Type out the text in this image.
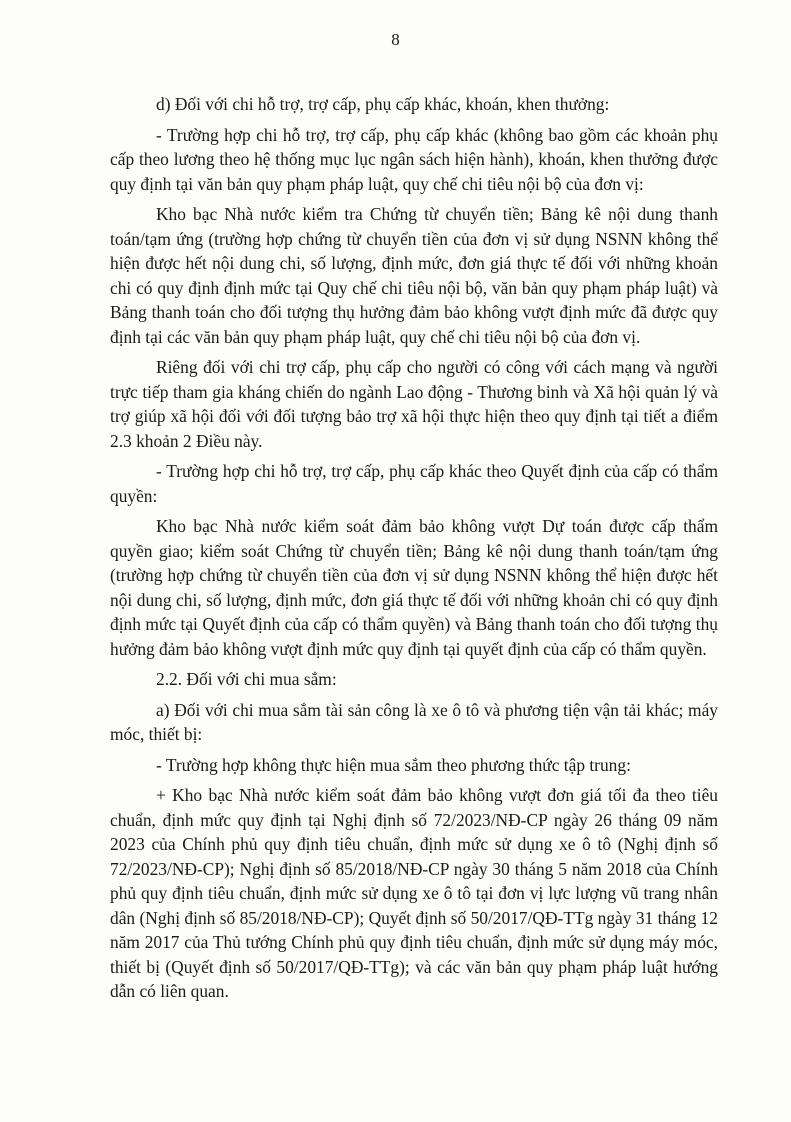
8

d) Đối với chi hỗ trợ, trợ cấp, phụ cấp khác, khoán, khen thưởng:

- Trường hợp chi hỗ trợ, trợ cấp, phụ cấp khác (không bao gồm các khoản phụ cấp theo lương theo hệ thống mục lục ngân sách hiện hành), khoán, khen thưởng được quy định tại văn bản quy phạm pháp luật, quy chế chi tiêu nội bộ của đơn vị:

Kho bạc Nhà nước kiểm tra Chứng từ chuyển tiền; Bảng kê nội dung thanh toán/tạm ứng (trường hợp chứng từ chuyển tiền của đơn vị sử dụng NSNN không thể hiện được hết nội dung chi, số lượng, định mức, đơn giá thực tế đối với những khoản chi có quy định định mức tại Quy chế chi tiêu nội bộ, văn bản quy phạm pháp luật) và Bảng thanh toán cho đối tượng thụ hưởng đảm bảo không vượt định mức đã được quy định tại các văn bản quy phạm pháp luật, quy chế chi tiêu nội bộ của đơn vị.

Riêng đối với chi trợ cấp, phụ cấp cho người có công với cách mạng và người trực tiếp tham gia kháng chiến do ngành Lao động - Thương binh và Xã hội quản lý và trợ giúp xã hội đối với đối tượng bảo trợ xã hội thực hiện theo quy định tại tiết a điểm 2.3 khoản 2 Điều này.

- Trường hợp chi hỗ trợ, trợ cấp, phụ cấp khác theo Quyết định của cấp có thẩm quyền:

Kho bạc Nhà nước kiểm soát đảm bảo không vượt Dự toán được cấp thẩm quyền giao; kiểm soát Chứng từ chuyển tiền; Bảng kê nội dung thanh toán/tạm ứng (trường hợp chứng từ chuyển tiền của đơn vị sử dụng NSNN không thể hiện được hết nội dung chi, số lượng, định mức, đơn giá thực tế đối với những khoản chi có quy định định mức tại Quyết định của cấp có thẩm quyền) và Bảng thanh toán cho đối tượng thụ hưởng đảm bảo không vượt định mức quy định tại quyết định của cấp có thẩm quyền.

2.2. Đối với chi mua sắm:

a) Đối với chi mua sắm tài sản công là xe ô tô và phương tiện vận tải khác; máy móc, thiết bị:

- Trường hợp không thực hiện mua sắm theo phương thức tập trung:

+ Kho bạc Nhà nước kiểm soát đảm bảo không vượt đơn giá tối đa theo tiêu chuẩn, định mức quy định tại Nghị định số 72/2023/NĐ-CP ngày 26 tháng 09 năm 2023 của Chính phủ quy định tiêu chuẩn, định mức sử dụng xe ô tô (Nghị định số 72/2023/NĐ-CP); Nghị định số 85/2018/NĐ-CP ngày 30 tháng 5 năm 2018 của Chính phủ quy định tiêu chuẩn, định mức sử dụng xe ô tô tại đơn vị lực lượng vũ trang nhân dân (Nghị định số 85/2018/NĐ-CP); Quyết định số 50/2017/QĐ-TTg ngày 31 tháng 12 năm 2017 của Thủ tướng Chính phủ quy định tiêu chuẩn, định mức sử dụng máy móc, thiết bị (Quyết định số 50/2017/QĐ-TTg); và các văn bản quy phạm pháp luật hướng dẫn có liên quan.
